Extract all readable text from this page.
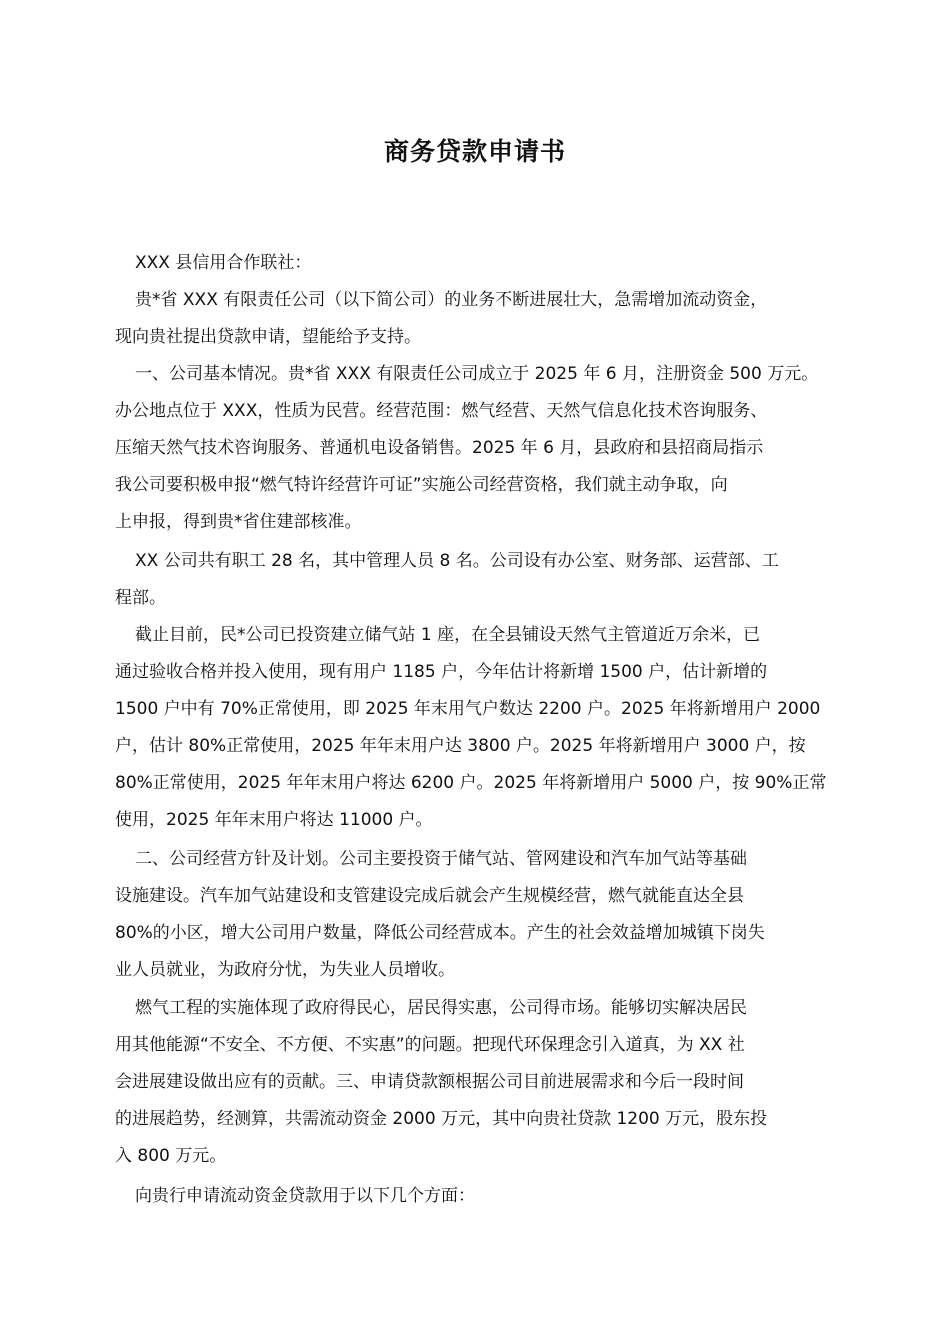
商务贷款申请书

XXX 县信用合作联社：

贵*省 XXX 有限责任公司（以下简公司）的业务不断进展壮大，急需增加流动资金，
现向贵社提出贷款申请，望能给予支持。

一、公司基本情况。贵*省 XXX 有限责任公司成立于 2025 年 6 月，注册资金 500 万元。
办公地点位于 XXX，性质为民营。经营范围：燃气经营、天然气信息化技术咨询服务、
压缩天然气技术咨询服务、普通机电设备销售。2025 年 6 月，县政府和县招商局指示
我公司要积极申报“燃气特许经营许可证”实施公司经营资格，我们就主动争取，向
上申报，得到贵*省住建部核准。

XX 公司共有职工 28 名，其中管理人员 8 名。公司设有办公室、财务部、运营部、工
程部。

截止目前，民*公司已投资建立储气站 1 座，在全县铺设天然气主管道近万余米，已
通过验收合格并投入使用，现有用户 1185 户，今年估计将新增 1500 户，估计新增的
1500 户中有 70%正常使用，即 2025 年末用气户数达 2200 户。2025 年将新增用户 2000
户，估计 80%正常使用，2025 年年末用户达 3800 户。2025 年将新增用户 3000 户，按
80%正常使用，2025 年年末用户将达 6200 户。2025 年将新增用户 5000 户，按 90%正常
使用，2025 年年末用户将达 11000 户。

二、公司经营方针及计划。公司主要投资于储气站、管网建设和汽车加气站等基础
设施建设。汽车加气站建设和支管建设完成后就会产生规模经营，燃气就能直达全县
80%的小区，增大公司用户数量，降低公司经营成本。产生的社会效益增加城镇下岗失
业人员就业，为政府分忧，为失业人员增收。

燃气工程的实施体现了政府得民心，居民得实惠，公司得市场。能够切实解决居民
用其他能源“不安全、不方便、不实惠”的问题。把现代环保理念引入道真，为 XX 社
会进展建设做出应有的贡献。三、申请贷款额根据公司目前进展需求和今后一段时间
的进展趋势，经测算，共需流动资金 2000 万元，其中向贵社贷款 1200 万元，股东投
入 800 万元。

向贵行申请流动资金贷款用于以下几个方面：
